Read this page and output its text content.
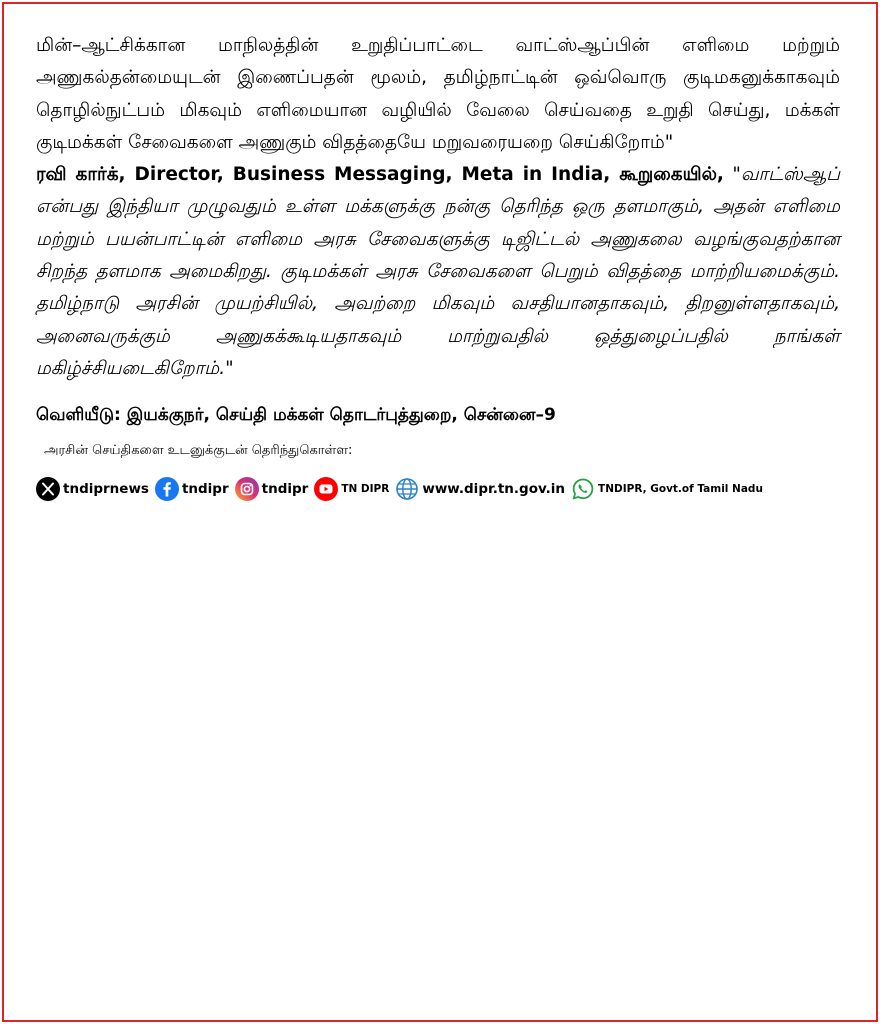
மின்–ஆட்சிக்கான மாநிலத்தின் உறுதிப்பாட்டை வாட்ஸ்ஆப்பின் எளிமை மற்றும் அணுகல்தன்மையுடன் இணைப்பதன் மூலம், தமிழ்நாட்டின் ஒவ்வொரு குடிமகனுக்காகவும் தொழில்நுட்பம் மிகவும் எளிமையான வழியில் வேலை செய்வதை உறுதி செய்து, மக்கள் குடிமக்கள் சேவைகளை அணுகும் விதத்தையே மறுவரையறை செய்கிறோம்"

ரவி கார்க், Director, Business Messaging, Meta in India, கூறுகையில், "வாட்ஸ்ஆப் என்பது இந்தியா முழுவதும் உள்ள மக்களுக்கு நன்கு தெரிந்த ஒரு தளமாகும், அதன் எளிமை மற்றும் பயன்பாட்டின் எளிமை அரசு சேவைகளுக்கு டிஜிட்டல் அணுகலை வழங்குவதற்கான சிறந்த தளமாக அமைகிறது. குடிமக்கள் அரசு சேவைகளை பெறும் விதத்தை மாற்றியமைக்கும். தமிழ்நாடு அரசின் முயற்சியில், அவற்றை மிகவும் வசதியானதாகவும், திறனுள்ளதாகவும், அனைவருக்கும் அணுகக்கூடியதாகவும் மாற்றுவதில் ஒத்துழைப்பதில் நாங்கள் மகிழ்ச்சியடைகிறோம்."

வெளியீடு: இயக்குநர், செய்தி மக்கள் தொடர்புத்துறை, சென்னை–9
அரசின் செய்திகளை உடனுக்குடன் தெரிந்துகொள்ள:
tndiprnews tndipr tndipr	TN DIPR www.dipr.tn.gov.in	TNDIPR, Govt.of Tamil Nadu
